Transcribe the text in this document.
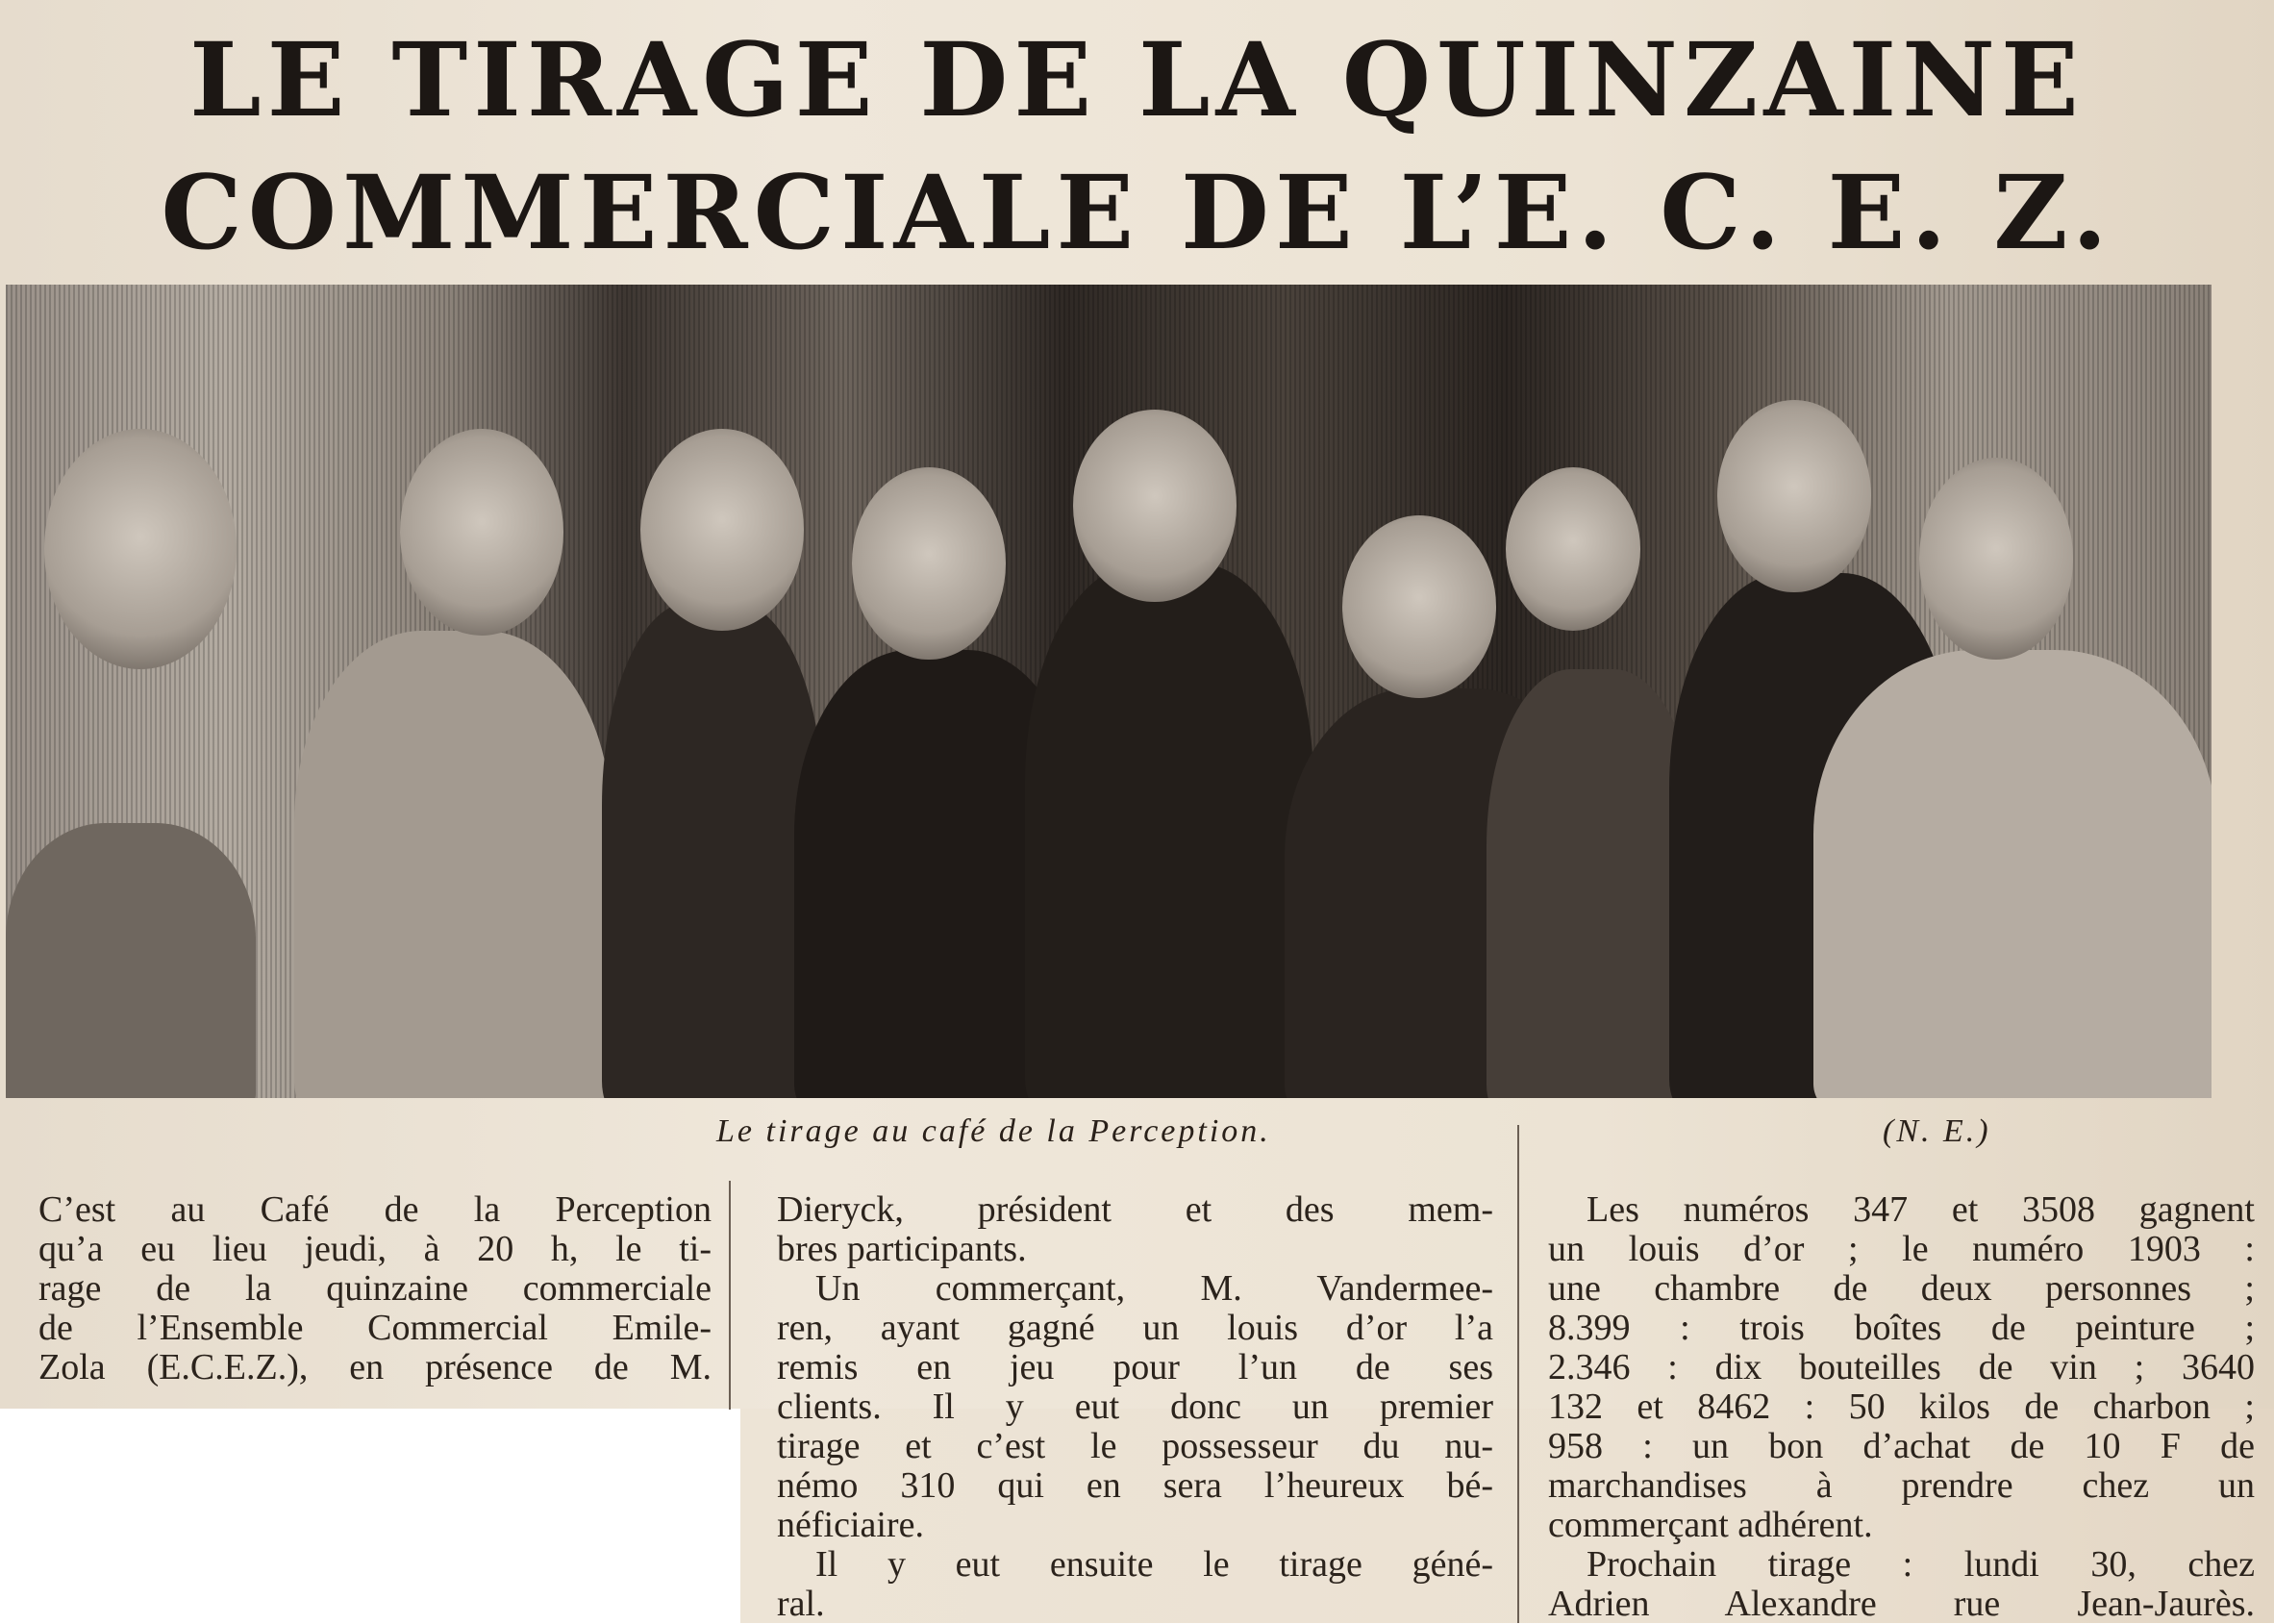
LE TIRAGE DE LA QUINZAINE
COMMERCIALE DE L’E. C. E. Z.
Le tirage au café de la Perception.	(N. E.)

C’est au Café de la Perception
qu’a eu lieu jeudi, à 20 h, le ti-
rage de la quinzaine commerciale
de l’Ensemble Commercial Emile-
Zola (E.C.E.Z.), en présence de M.

Dieryck, président et des mem-
bres participants.

Un commerçant, M. Vandermee-

ren, ayant gagné un louis d’or l’a
remis en jeu pour l’un de ses
clients. Il y eut donc un premier
tirage et c’est le possesseur du nu-
némo 310 qui en sera l’heureux bé-
néficiaire.

Il y eut ensuite le tirage géné-

ral.

Les numéros 347 et 3508 gagnent

un louis d’or ; le numéro 1903 :
une chambre de deux personnes ;
8.399 : trois boîtes de peinture ;
2.346 : dix bouteilles de vin ; 3640
132 et 8462 : 50 kilos de charbon ;
958 : un bon d’achat de 10 F de
marchandises à prendre chez un
commerçant adhérent.

Prochain tirage : lundi 30, chez

Adrien Alexandre rue Jean-Jaurès.
